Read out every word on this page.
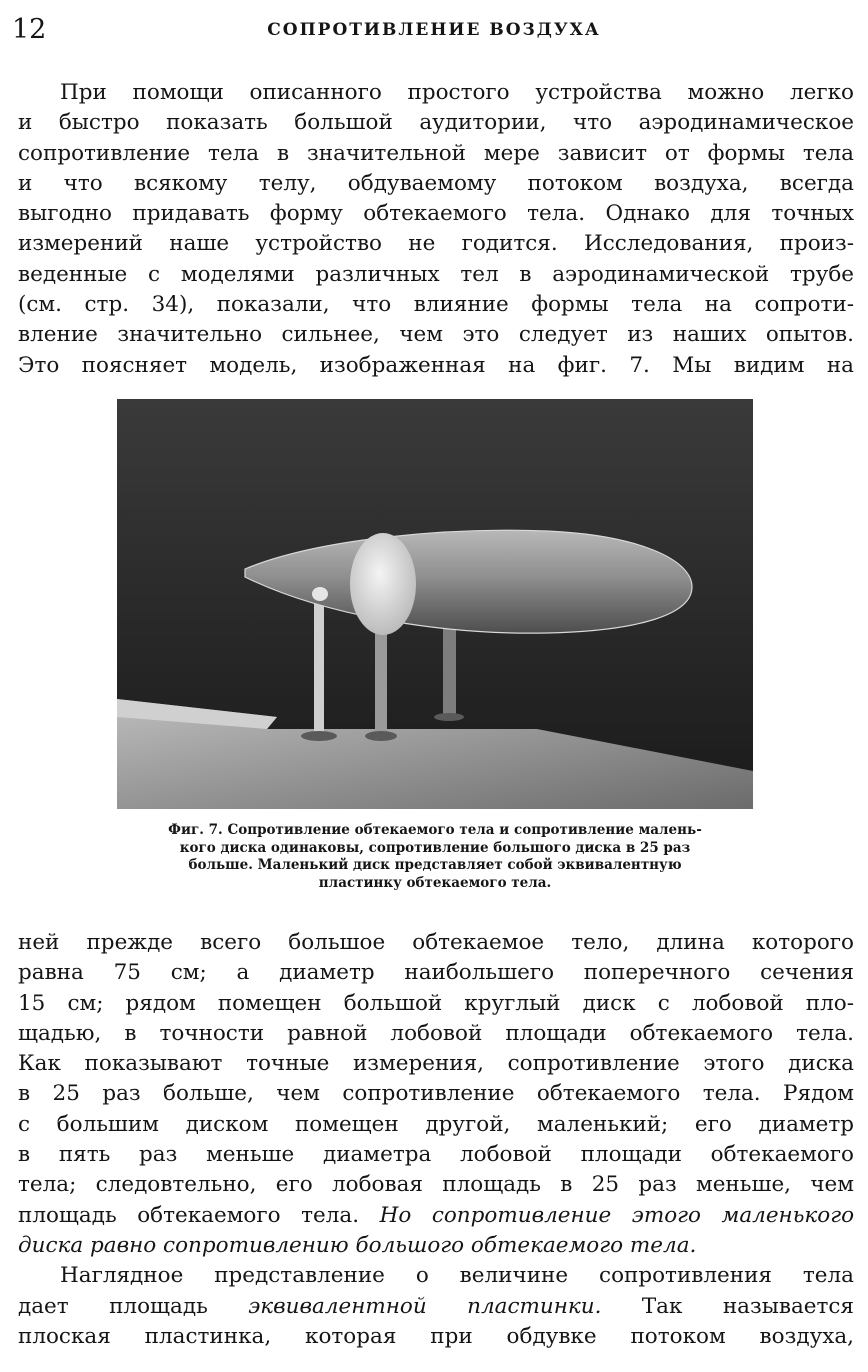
12	СОПРОТИВЛЕНИЕ ВОЗДУХА
При помощи описанного простого устройства можно легко
и быстро показать большой аудитории, что аэродинамическое
сопротивление тела в значительной мере зависит от формы тела
и что всякому телу, обдуваемому потоком воздуха, всегда
выгодно придавать форму обтекаемого тела. Однако для точных
измерений наше устройство не годится. Исследования, произ-
веденные с моделями различных тел в аэродинамической трубе
(см. стр. 34), показали, что влияние формы тела на сопроти-
вление значительно сильнее, чем это следует из наших опытов.
Это поясняет модель, изображенная на фиг. 7. Мы видим на
Фиг. 7. Сопротивление обтекаемого тела и сопротивление малень-
кого диска одинаковы, сопротивление большого диска в 25 раз
больше. Маленький диск представляет собой эквивалентную
пластинку обтекаемого тела.
ней прежде всего большое обтекаемое тело, длина которого
равна 75 см; а диаметр наибольшего поперечного сечения
15 см; рядом помещен большой круглый диск с лобовой пло-
щадью, в точности равной лобовой площади обтекаемого тела.
Как показывают точные измерения, сопротивление этого диска
в 25 раз больше, чем сопротивление обтекаемого тела. Рядом
с большим диском помещен другой, маленький; его диаметр
в пять раз меньше диаметра лобовой площади обтекаемого
тела; следовтельно, его лобовая площадь в 25 раз меньше, чем
площадь обтекаемого тела. Но сопротивление этого маленького
диска равно сопротивлению большого обтекаемого тела.
Наглядное представление о величине сопротивления тела
дает площадь эквивалентной пластинки. Так называется
плоская пластинка, которая при обдувке потоком воздуха,
